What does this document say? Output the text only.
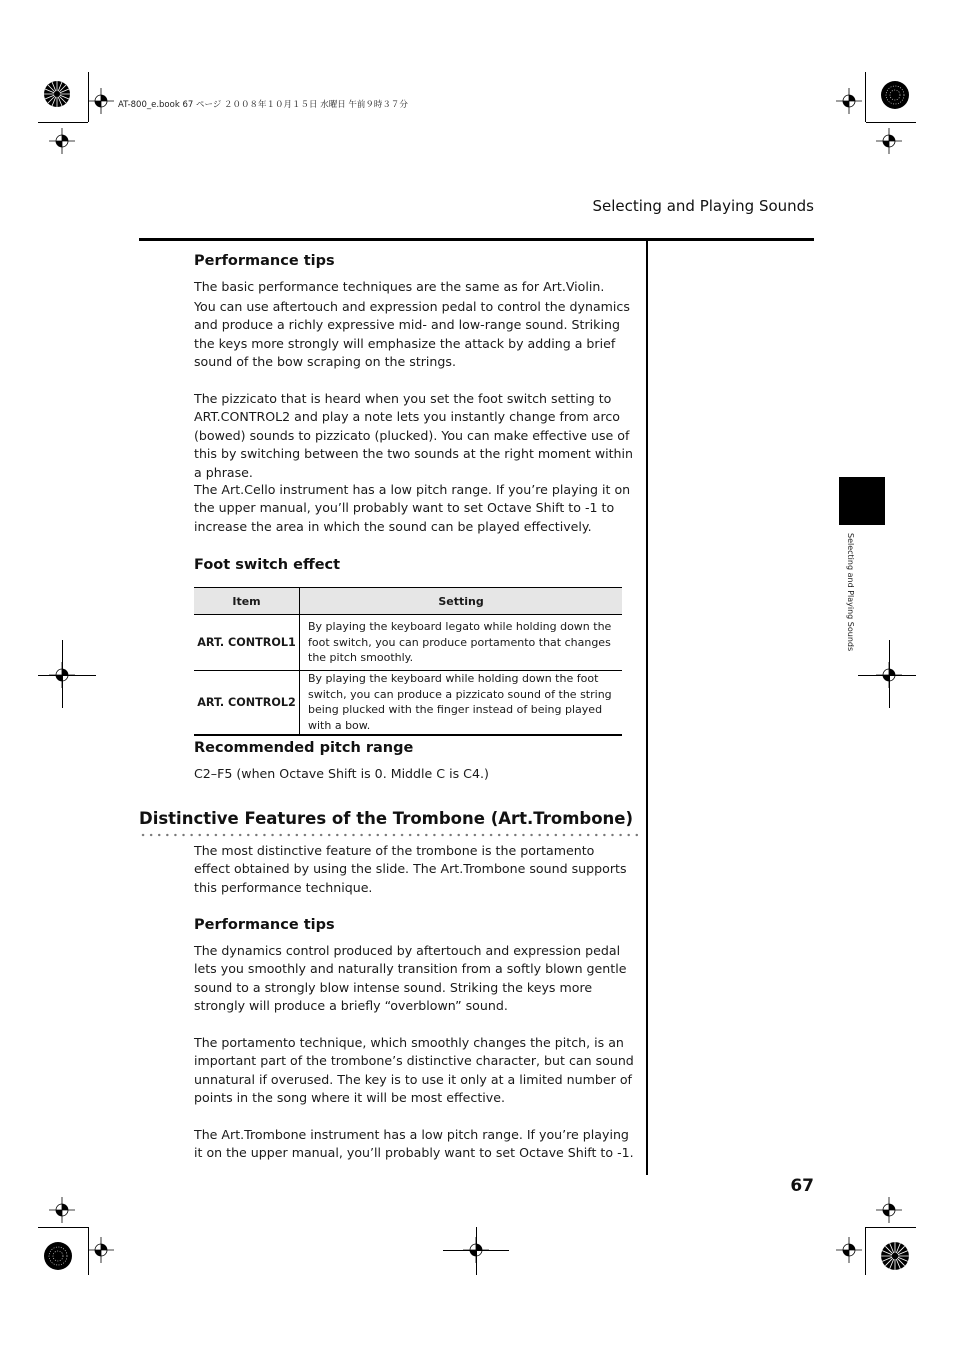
AT-800_e.book 67 ページ ２００８年１０月１５日 水曜日 午前９時３７分
Selecting and Playing Sounds
Selecting and Playing Sounds
Performance tips
The basic performance techniques are the same as for Art.Violin.
You can use aftertouch and expression pedal to control the dynamics and produce a richly expressive mid- and low-range sound. Striking the keys more strongly will emphasize the attack by adding a brief sound of the bow scraping on the strings.
The pizzicato that is heard when you set the foot switch setting to ART.CONTROL2 and play a note lets you instantly change from arco (bowed) sounds to pizzicato (plucked). You can make effective use of this by switching between the two sounds at the right moment within a phrase.
The Art.Cello instrument has a low pitch range. If you’re playing it on the upper manual, you’ll probably want to set Octave Shift to -1 to increase the area in which the sound can be played effectively.
Foot switch effect
Item	Setting
ART. CONTROL1	By playing the keyboard legato while holding down the foot switch, you can produce portamento that changes the pitch smoothly.
ART. CONTROL2	By playing the keyboard while holding down the foot switch, you can produce a pizzicato sound of the string being plucked with the finger instead of being played with a bow.
Recommended pitch range
C2–F5 (when Octave Shift is 0. Middle C is C4.)
Distinctive Features of the Trombone (Art.Trombone)
The most distinctive feature of the trombone is the portamento effect obtained by using the slide. The Art.Trombone sound supports this performance technique.
Performance tips
The dynamics control produced by aftertouch and expression pedal lets you smoothly and naturally transition from a softly blown gentle sound to a strongly blow intense sound. Striking the keys more strongly will produce a briefly “overblown” sound.
The portamento technique, which smoothly changes the pitch, is an important part of the trombone’s distinctive character, but can sound unnatural if overused. The key is to use it only at a limited number of points in the song where it will be most effective.
The Art.Trombone instrument has a low pitch range. If you’re playing it on the upper manual, you’ll probably want to set Octave Shift to -1.
67
